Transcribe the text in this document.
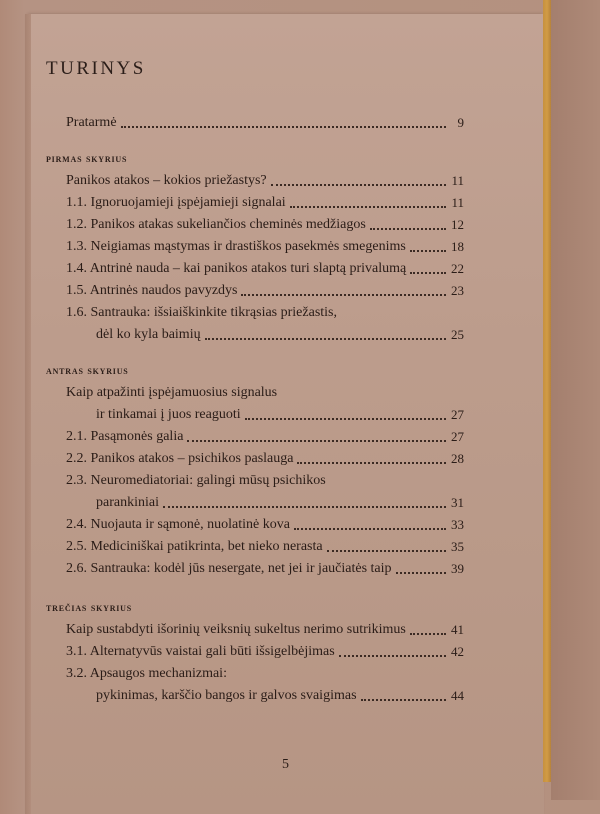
TURINYS
Pratarmė	9
pirmas skyrius
Panikos atakos – kokios priežastys?	11
1.1. Ignoruojamieji įspėjamieji signalai	11
1.2. Panikos atakas sukeliančios cheminės medžiagos	12
1.3. Neigiamas mąstymas ir drastiškos pasekmės smegenims	18
1.4. Antrinė nauda – kai panikos atakos turi slaptą privalumą	22
1.5. Antrinės naudos pavyzdys	23
1.6. Santrauka: išsiaiškinkite tikrąsias priežastis,
dėl ko kyla baimių	25
antras skyrius
Kaip atpažinti įspėjamuosius signalus
ir tinkamai į juos reaguoti	27
2.1. Pasąmonės galia	27
2.2. Panikos atakos – psichikos paslauga	28
2.3. Neuromediatoriai: galingi mūsų psichikos
parankiniai	31
2.4. Nuojauta ir sąmonė, nuolatinė kova	33
2.5. Mediciniškai patikrinta, bet nieko nerasta	35
2.6. Santrauka: kodėl jūs nesergate, net jei ir jaučiatės taip	39
trečias skyrius
Kaip sustabdyti išorinių veiksnių sukeltus nerimo sutrikimus	41
3.1. Alternatyvūs vaistai gali būti išsigelbėjimas	42
3.2. Apsaugos mechanizmai:
pykinimas, karščio bangos ir galvos svaigimas	44
5
